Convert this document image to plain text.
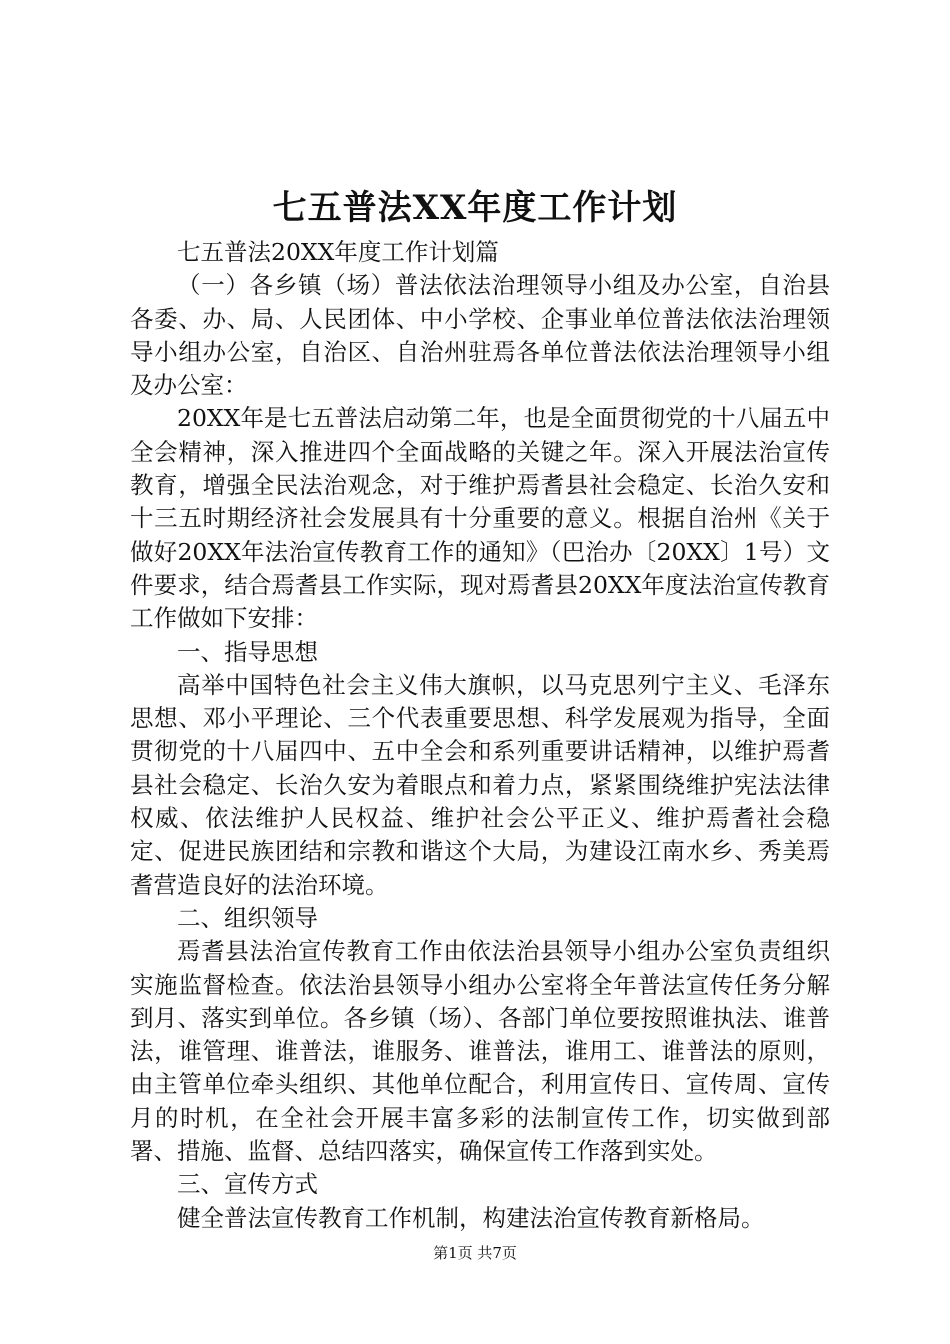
七五普法XX年度工作计划

七五普法20XX年度工作计划篇

（一）各乡镇（场）普法依法治理领导小组及办公室，自治县各委、办、局、人民团体、中小学校、企事业单位普法依法治理领导小组办公室，自治区、自治州驻焉各单位普法依法治理领导小组及办公室：

20XX年是七五普法启动第二年，也是全面贯彻党的十八届五中全会精神，深入推进四个全面战略的关键之年。深入开展法治宣传教育，增强全民法治观念，对于维护焉耆县社会稳定、长治久安和十三五时期经济社会发展具有十分重要的意义。根据自治州《关于做好20XX年法治宣传教育工作的通知》（巴治办〔20XX〕1号）文件要求，结合焉耆县工作实际，现对焉耆县20XX年度法治宣传教育工作做如下安排：

一、指导思想

高举中国特色社会主义伟大旗帜，以马克思列宁主义、毛泽东思想、邓小平理论、三个代表重要思想、科学发展观为指导，全面贯彻党的十八届四中、五中全会和系列重要讲话精神，以维护焉耆县社会稳定、长治久安为着眼点和着力点，紧紧围绕维护宪法法律权威、依法维护人民权益、维护社会公平正义、维护焉耆社会稳定、促进民族团结和宗教和谐这个大局，为建设江南水乡、秀美焉耆营造良好的法治环境。

二、组织领导

焉耆县法治宣传教育工作由依法治县领导小组办公室负责组织实施监督检查。依法治县领导小组办公室将全年普法宣传任务分解到月、落实到单位。各乡镇（场）、各部门单位要按照谁执法、谁普法，谁管理、谁普法，谁服务、谁普法，谁用工、谁普法的原则，由主管单位牵头组织、其他单位配合，利用宣传日、宣传周、宣传月的时机，在全社会开展丰富多彩的法制宣传工作，切实做到部署、措施、监督、总结四落实，确保宣传工作落到实处。

三、宣传方式

健全普法宣传教育工作机制，构建法治宣传教育新格局。

第1页 共7页
